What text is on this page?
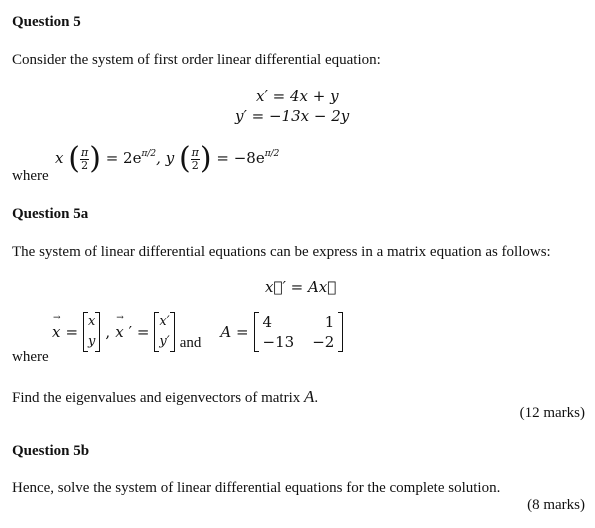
Question 5
Consider the system of first order linear differential equation:
x′ = 4x + y
y′ = −13x − 2y
where
x ( $\frac{\pi}{2}$ ) = $2e^{\pi/2}$, y ( $\frac{\pi}{2}$ ) = $-8e^{\pi/2}$
Question 5a
The system of linear differential equations can be express in a matrix equation as follows:
x⃗′ = Ax⃗
where
→ x =
x
y
,
→ x ′ =
x′
y′ and
A =
4	1
−13 −2
Find the eigenvalues and eigenvectors of matrix A.
(12 marks)
Question 5b
Hence, solve the system of linear differential equations for the complete solution.
(8 marks)
